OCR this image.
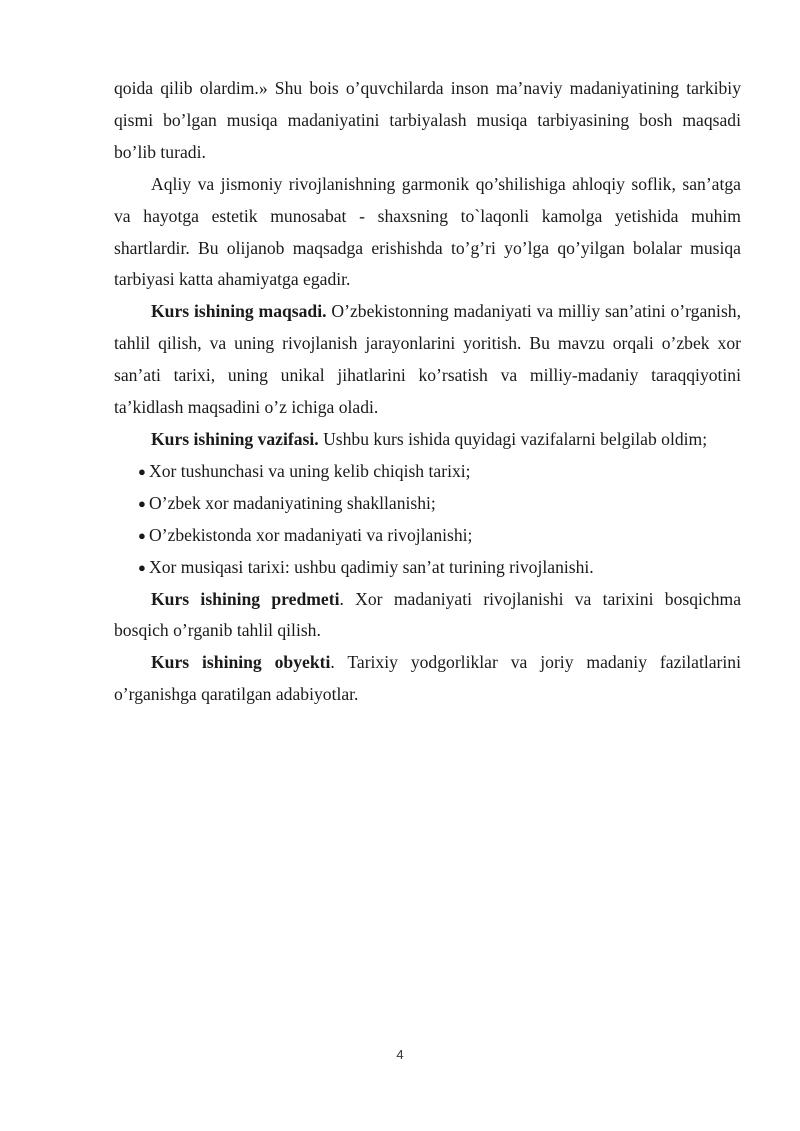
qoida qilib olardim.» Shu bois o’quvchilarda inson ma’naviy madaniyatining tarkibiy qismi bo’lgan musiqa madaniyatini tarbiyalash musiqa tarbiyasining bosh maqsadi bo’lib turadi.

Aqliy va jismoniy rivojlanishning garmonik qo’shilishiga ahloqiy soflik, san’atga va hayotga estetik munosabat - shaxsning to`laqonli kamolga yetishida muhim shartlardir. Bu olijanob maqsadga erishishda to’g’ri yo’lga qo’yilgan bolalar musiqa tarbiyasi katta ahamiyatga egadir.

Kurs ishining maqsadi. O’zbekistonning madaniyati va milliy san’atini o’rganish, tahlil qilish, va uning rivojlanish jarayonlarini yoritish. Bu mavzu orqali o’zbek xor san’ati tarixi, uning unikal jihatlarini ko’rsatish va milliy-madaniy taraqqiyotini ta’kidlash maqsadini o’z ichiga oladi.

Kurs ishining vazifasi. Ushbu kurs ishida quyidagi vazifalarni belgilab oldim;

● Xor tushunchasi va uning kelib chiqish tarixi;
● O’zbek xor madaniyatining shakllanishi;
● O’zbekistonda xor madaniyati va rivojlanishi;
● Xor musiqasi tarixi: ushbu qadimiy san’at turining rivojlanishi.

Kurs ishining predmeti. Xor madaniyati rivojlanishi va tarixini bosqichma bosqich o’rganib tahlil qilish.

Kurs ishining obyekti. Tarixiy yodgorliklar va joriy madaniy fazilatlarini o’rganishga qaratilgan adabiyotlar.

4
